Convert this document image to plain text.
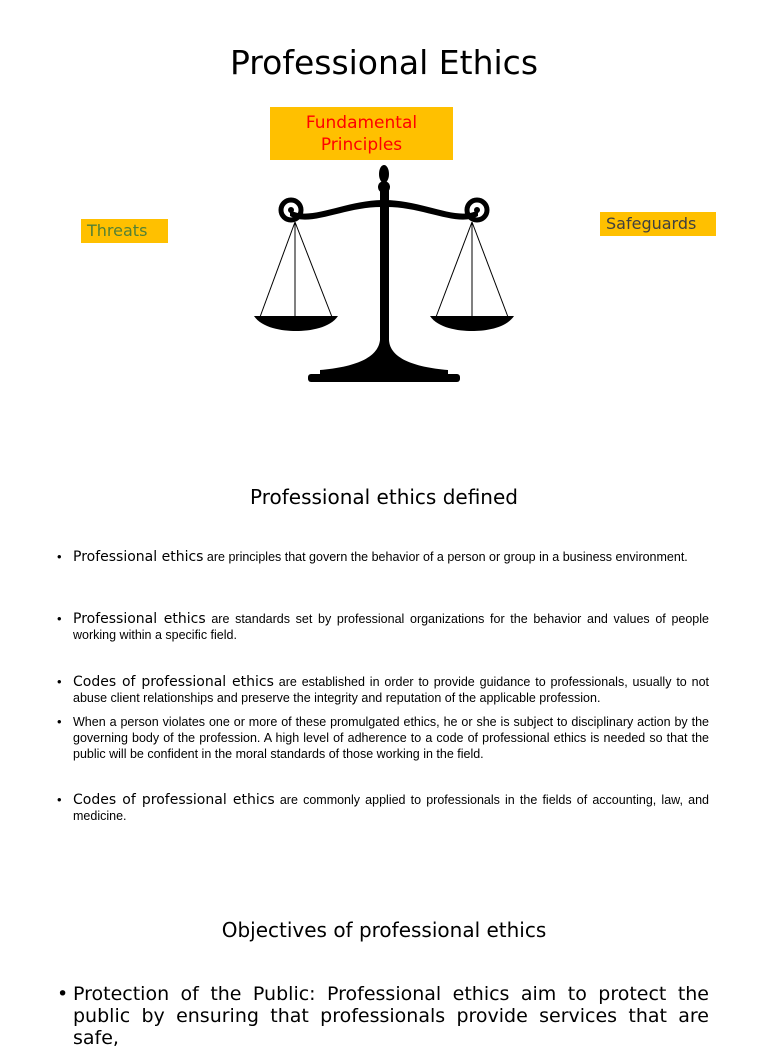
Professional Ethics
Fundamental Principles
Threats	Safeguards
Professional ethics defined
• Professional ethics are principles that govern the behavior of a person or group in a business environment.
• Professional ethics are standards set by professional organizations for the behavior and values of people working within a specific field.
• Codes of professional ethics are established in order to provide guidance to professionals, usually to not abuse client relationships and preserve the integrity and reputation of the applicable profession.
• When a person violates one or more of these promulgated ethics, he or she is subject to disciplinary action by the governing body of the profession. A high level of adherence to a code of professional ethics is needed so that the public will be confident in the moral standards of those working in the field.
• Codes of professional ethics are commonly applied to professionals in the fields of accounting, law, and medicine.
Objectives of professional ethics
• Protection of the Public: Professional ethics aim to protect the public by ensuring that professionals provide services that are safe,
